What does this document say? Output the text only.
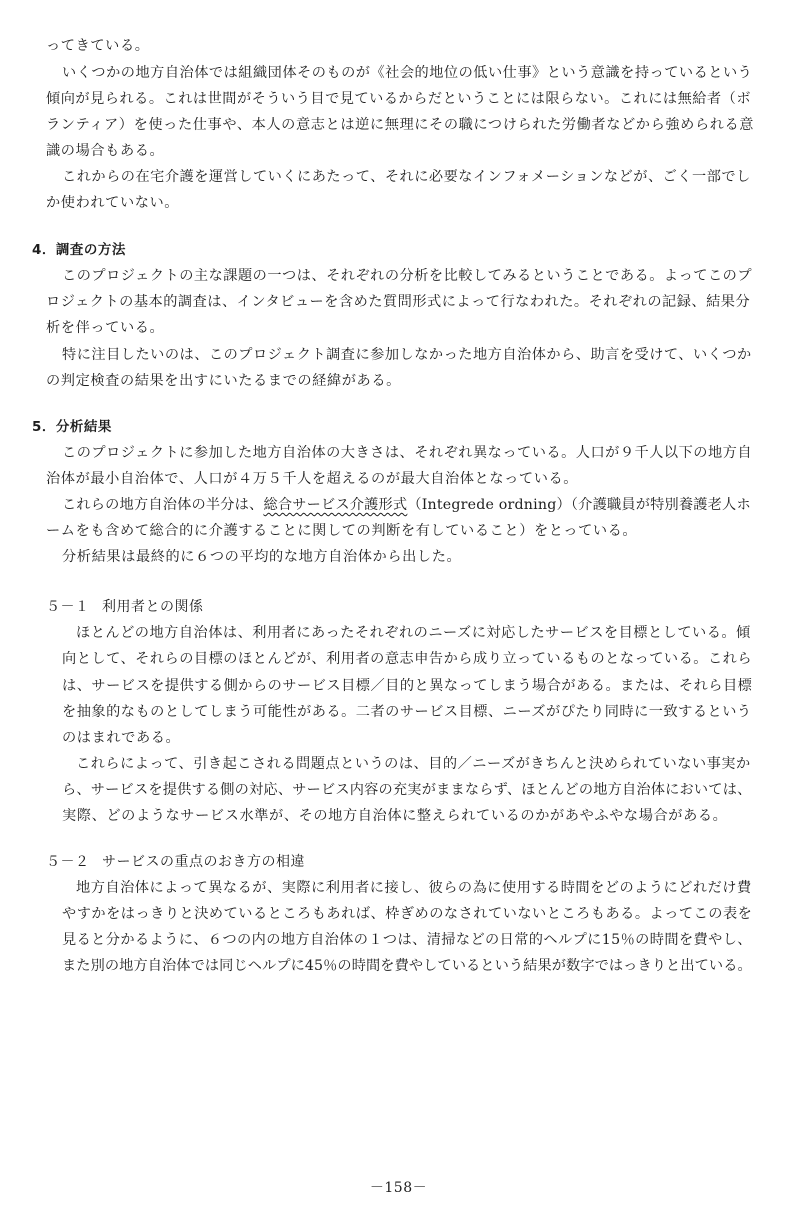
ってきている。
いくつかの地方自治体では組織団体そのものが《社会的地位の低い仕事》という意識を持っているという
傾向が見られる。これは世間がそういう目で見ているからだということには限らない。これには無給者（ボ
ランティア）を使った仕事や、本人の意志とは逆に無理にその職につけられた労働者などから強められる意
識の場合もある。
これからの在宅介護を運営していくにあたって、それに必要なインフォメーションなどが、ごく一部でし
か使われていない。
4．調査の方法
このプロジェクトの主な課題の一つは、それぞれの分析を比較してみるということである。よってこのプ
ロジェクトの基本的調査は、インタビューを含めた質問形式によって行なわれた。それぞれの記録、結果分
析を伴っている。
特に注目したいのは、このプロジェクト調査に参加しなかった地方自治体から、助言を受けて、いくつか
の判定検査の結果を出すにいたるまでの経緯がある。
5．分析結果
このプロジェクトに参加した地方自治体の大きさは、それぞれ異なっている。人口が９千人以下の地方自
治体が最小自治体で、人口が４万５千人を超えるのが最大自治体となっている。
これらの地方自治体の半分は、総合サービス介護形式（Integrede ordning）（介護職員が特別養護老人ホ
ームをも含めて総合的に介護することに関しての判断を有していること）をとっている。
分析結果は最終的に６つの平均的な地方自治体から出した。
５－１ 利用者との関係
ほとんどの地方自治体は、利用者にあったそれぞれのニーズに対応したサービスを目標としている。傾
向として、それらの目標のほとんどが、利用者の意志申告から成り立っているものとなっている。これら
は、サービスを提供する側からのサービス目標／目的と異なってしまう場合がある。または、それら目標
を抽象的なものとしてしまう可能性がある。二者のサービス目標、ニーズがぴたり同時に一致するという
のはまれである。
これらによって、引き起こされる問題点というのは、目的／ニーズがきちんと決められていない事実か
ら、サービスを提供する側の対応、サービス内容の充実がままならず、ほとんどの地方自治体においては、
実際、どのようなサービス水準が、その地方自治体に整えられているのかがあやふやな場合がある。
５－２ サービスの重点のおき方の相違
地方自治体によって異なるが、実際に利用者に接し、彼らの為に使用する時間をどのようにどれだけ費
やすかをはっきりと決めているところもあれば、枠ぎめのなされていないところもある。よってこの表を
見ると分かるように、６つの内の地方自治体の１つは、清掃などの日常的ヘルプに15％の時間を費やし、
また別の地方自治体では同じヘルプに45％の時間を費やしているという結果が数字ではっきりと出ている。
－158－
